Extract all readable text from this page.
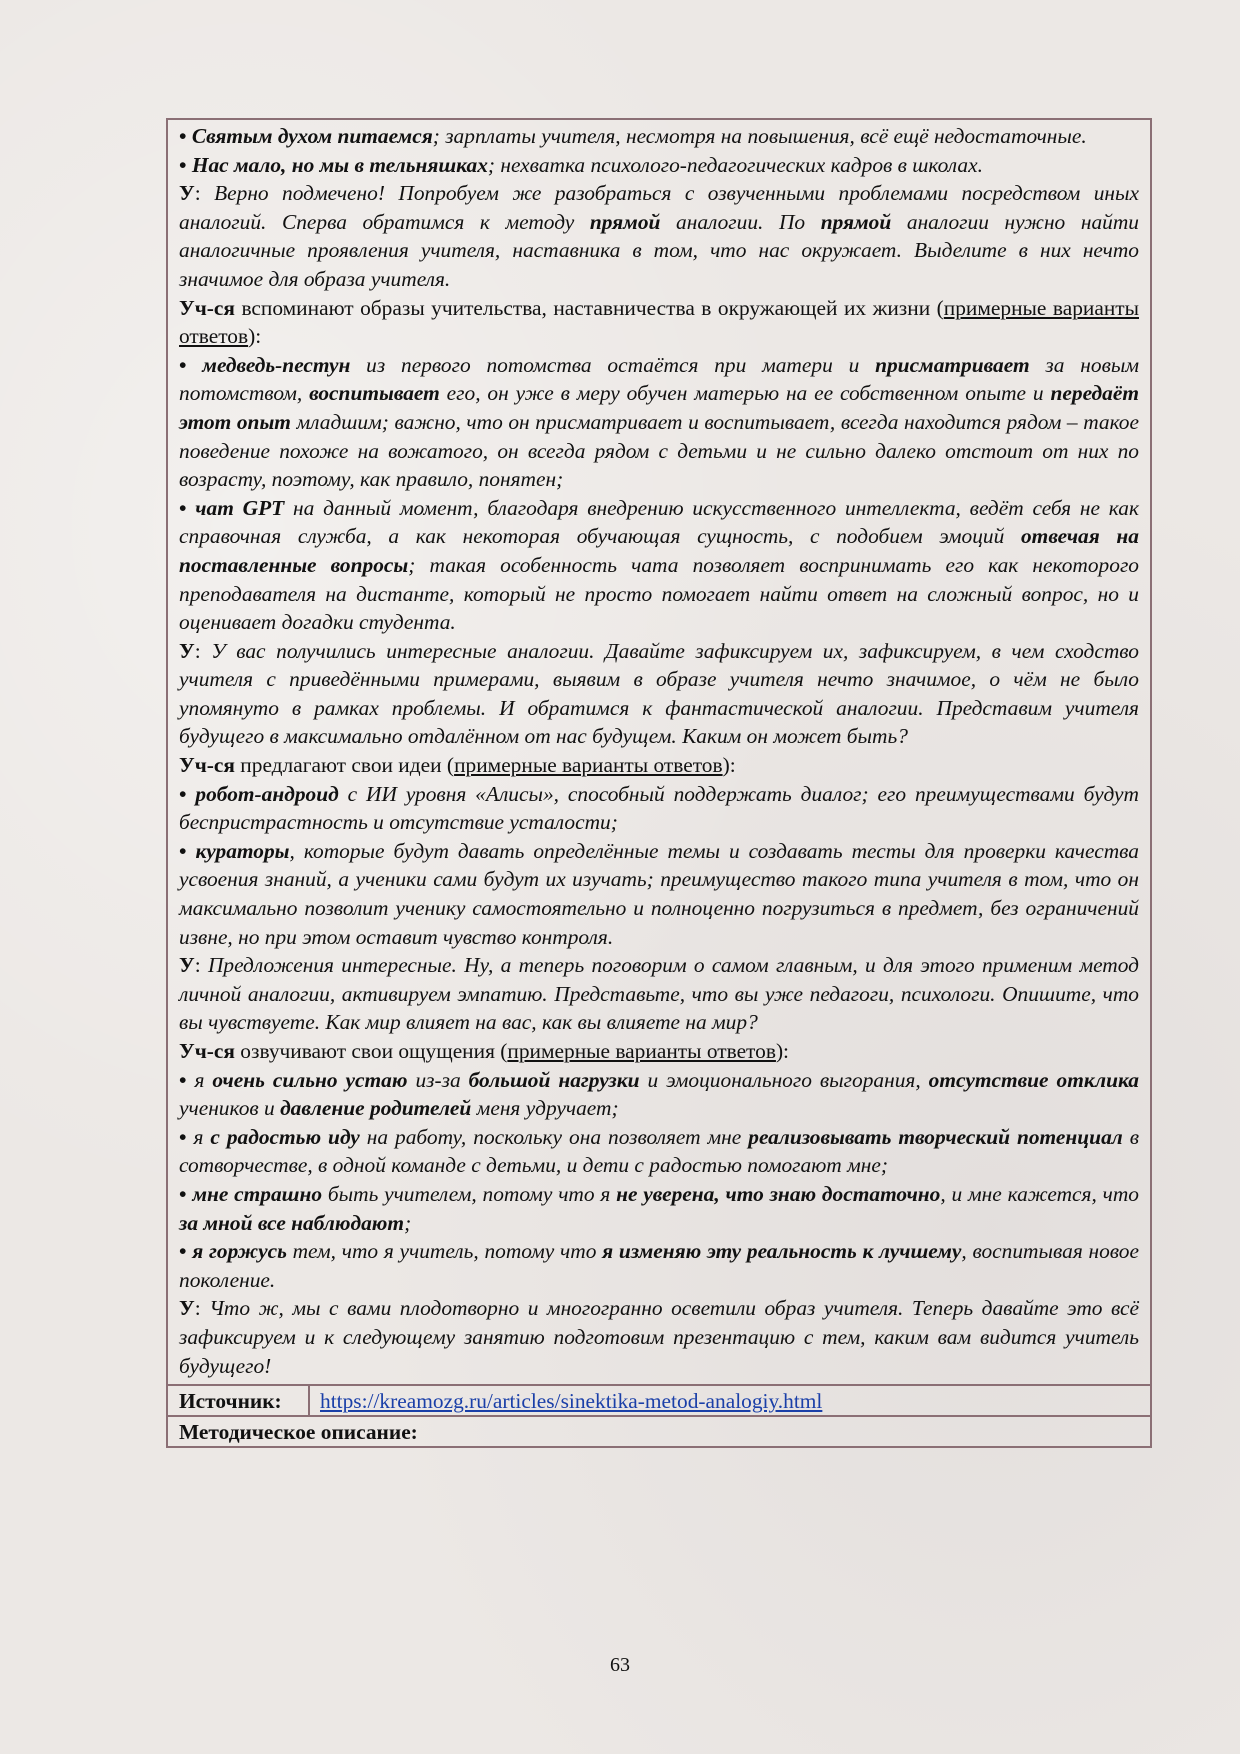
• Святым духом питаемся; зарплаты учителя, несмотря на повышения, всё ещё недостаточные.

• Нас мало, но мы в тельняшках; нехватка психолого-педагогических кадров в школах.

У: Верно подмечено! Попробуем же разобраться с озвученными проблемами посредством иных аналогий. Сперва обратимся к методу прямой аналогии. По прямой аналогии нужно найти аналогичные проявления учителя, наставника в том, что нас окружает. Выделите в них нечто значимое для образа учителя.

Уч-ся вспоминают образы учительства, наставничества в окружающей их жизни (примерные варианты ответов):

• медведь-пестун из первого потомства остаётся при матери и присматривает за новым потомством, воспитывает его, он уже в меру обучен матерью на ее собственном опыте и передаёт этот опыт младшим; важно, что он присматривает и воспитывает, всегда находится рядом – такое поведение похоже на вожатого, он всегда рядом с детьми и не сильно далеко отстоит от них по возрасту, поэтому, как правило, понятен;

• чат GPT на данный момент, благодаря внедрению искусственного интеллекта, ведёт себя не как справочная служба, а как некоторая обучающая сущность, с подобием эмоций отвечая на поставленные вопросы; такая особенность чата позволяет воспринимать его как некоторого преподавателя на дистанте, который не просто помогает найти ответ на сложный вопрос, но и оценивает догадки студента.

У: У вас получились интересные аналогии. Давайте зафиксируем их, зафиксируем, в чем сходство учителя с приведёнными примерами, выявим в образе учителя нечто значимое, о чём не было упомянуто в рамках проблемы. И обратимся к фантастической аналогии. Представим учителя будущего в максимально отдалённом от нас будущем. Каким он может быть?

Уч-ся предлагают свои идеи (примерные варианты ответов):

• робот-андроид с ИИ уровня «Алисы», способный поддержать диалог; его преимуществами будут беспристрастность и отсутствие усталости;

• кураторы, которые будут давать определённые темы и создавать тесты для проверки качества усвоения знаний, а ученики сами будут их изучать; преимущество такого типа учителя в том, что он максимально позволит ученику самостоятельно и полноценно погрузиться в предмет, без ограничений извне, но при этом оставит чувство контроля.

У: Предложения интересные. Ну, а теперь поговорим о самом главным, и для этого применим метод личной аналогии, активируем эмпатию. Представьте, что вы уже педагоги, психологи. Опишите, что вы чувствуете. Как мир влияет на вас, как вы влияете на мир?

Уч-ся озвучивают свои ощущения (примерные варианты ответов):

• я очень сильно устаю из-за большой нагрузки и эмоционального выгорания, отсутствие отклика учеников и давление родителей меня удручает;

• я с радостью иду на работу, поскольку она позволяет мне реализовывать творческий потенциал в сотворчестве, в одной команде с детьми, и дети с радостью помогают мне;

• мне страшно быть учителем, потому что я не уверена, что знаю достаточно, и мне кажется, что за мной все наблюдают;

• я горжусь тем, что я учитель, потому что я изменяю эту реальность к лучшему, воспитывая новое поколение.

У: Что ж, мы с вами плодотворно и многогранно осветили образ учителя. Теперь давайте это всё зафиксируем и к следующему занятию подготовим презентацию с тем, каким вам видится учитель будущего!

Источник:	https://kreamozg.ru/articles/sinektika-metod-analogiy.html
Методическое описание:
63
